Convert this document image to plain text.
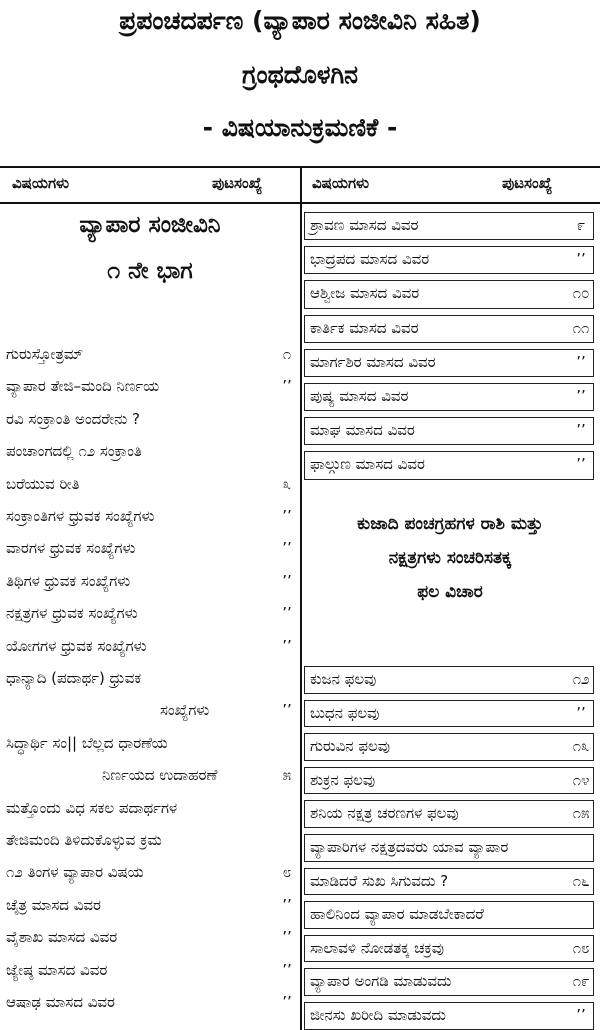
ಪ್ರಪಂಚದರ್ಪಣ (ವ್ಯಾಪಾರ ಸಂಜೀವಿನಿ ಸಹಿತ)
ಗ್ರಂಥದೊಳಗಿನ
- ವಿಷಯಾನುಕ್ರಮಣಿಕೆ -
ವಿಷಯಗಳು	ಪುಟಸಂಖ್ಯೆ	ವಿಷಯಗಳು	ಪುಟಸಂಖ್ಯೆ
ವ್ಯಾಪಾರ ಸಂಜೀವಿನಿ
೧ ನೇ ಭಾಗ
ಗುರುಸ್ತೋತ್ರಮ್	೧
ವ್ಯಾಪಾರ ತೇಜಿ–ಮಂದಿ ನಿರ್ಣಯ	’’
ರವಿ ಸಂಕ್ರಾಂತಿ ಅಂದರೇನು ?
ಪಂಚಾಂಗದಲ್ಲಿ ೧೨ ಸಂಕ್ರಾಂತಿ
ಬರೆಯುವ ರೀತಿ	೩
ಸಂಕ್ರಾಂತಿಗಳ ಧ್ರುವಕ ಸಂಖ್ಯೆಗಳು	’’
ವಾರಗಳ ಧ್ರುವಕ ಸಂಖ್ಯೆಗಳು	’’
ತಿಥಿಗಳ ಧ್ರುವಕ ಸಂಖ್ಯೆಗಳು	’’
ನಕ್ಷತ್ರಗಳ ಧ್ರುವಕ ಸಂಖ್ಯೆಗಳು	’’
ಯೋಗಗಳ ಧ್ರುವಕ ಸಂಖ್ಯೆಗಳು	’’
ಧಾನ್ಯಾದಿ (ಪದಾರ್ಥ) ಧ್ರುವಕ
ಸಂಖ್ಯೆಗಳು	’’
ಸಿದ್ಧಾರ್ಥಿ ಸಂ|| ಬೆಲ್ಲದ ಧಾರಣೆಯ
ನಿರ್ಣಯದ ಉದಾಹರಣೆ	೫
ಮತ್ತೊಂದು ವಿಧ ಸಕಲ ಪದಾರ್ಥಗಳ
ತೇಜಿಮಂದಿ ತಿಳಿದುಕೊಳ್ಳುವ ಕ್ರಮ
೧೨ ತಿಂಗಳ ವ್ಯಾಪಾರ ವಿಷಯ	೮
ಚೈತ್ರ ಮಾಸದ ವಿವರ	’’
ವೈಶಾಖ ಮಾಸದ ವಿವರ	’’
ಜ್ಯೇಷ್ಠ ಮಾಸದ ವಿವರ	’’
ಆಷಾಢ ಮಾಸದ ವಿವರ	’’
ಶ್ರಾವಣ ಮಾಸದ ವಿವರ	೯
ಭಾದ್ರಪದ ಮಾಸದ ವಿವರ	’’
ಆಶ್ವೀಜ ಮಾಸದ ವಿವರ	೧೦
ಕಾರ್ತಿಕ ಮಾಸದ ವಿವರ	೧೧
ಮಾರ್ಗಶಿರ ಮಾಸದ ವಿವರ	’’
ಪುಷ್ಯ ಮಾಸದ ವಿವರ	’’
ಮಾಘ ಮಾಸದ ವಿವರ	’’
ಫಾಲ್ಗುಣ ಮಾಸದ ವಿವರ	’’
ಕುಜಾದಿ ಪಂಚಗ್ರಹಗಳ ರಾಶಿ ಮತ್ತು
ನಕ್ಷತ್ರಗಳು ಸಂಚರಿಸತಕ್ಕ
ಫಲ ವಿಚಾರ
ಕುಜನ ಫಲವು	೧೨
ಬುಧನ ಫಲವು	’’
ಗುರುವಿನ ಫಲವು	೧೩
ಶುಕ್ರನ ಫಲವು	೧೪
ಶನಿಯ ನಕ್ಷತ್ರ ಚರಣಗಳ ಫಲವು	೧೫
ವ್ಯಾಪಾರಿಗಳ ನಕ್ಷತ್ರದವರು ಯಾವ ವ್ಯಾಪಾರ
ಮಾಡಿದರೆ ಸುಖ ಸಿಗುವದು ?	೧೬
ಹಾಲಿನಿಂದ ವ್ಯಾಪಾರ ಮಾಡಬೇಕಾದರೆ
ಸಾಲಾವಳಿ ನೋಡತಕ್ಕ ಚಕ್ರವು	೧೮
ವ್ಯಾಪಾರ ಅಂಗಡಿ ಮಾಡುವದು	೧೯
ಜೀನಸು ಖರೀದಿ ಮಾಡುವದು	’’
